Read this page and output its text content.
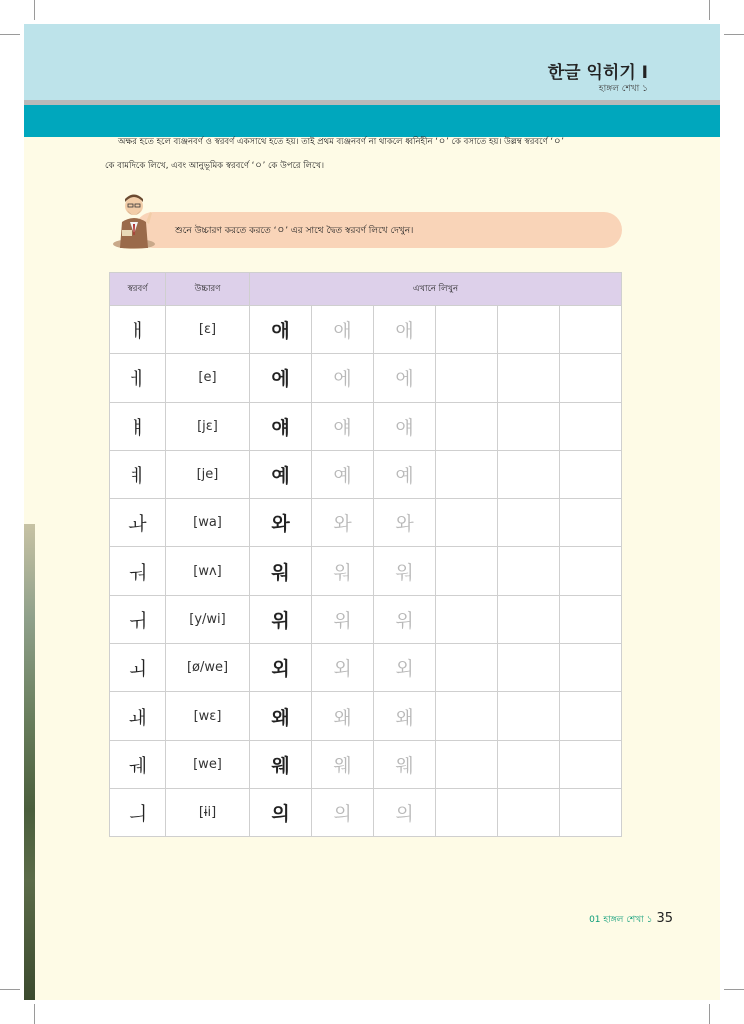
한글 익히기 I
হাঙ্গল শেখা ১
অক্ষর হতে হলে ব্যঞ্জনবর্ণ ও স্বরবর্ণ একসাথে হতে হয়। তাই প্রথম ব্যঞ্জনবর্ণ না থাকলে ধ্বনিহীন ‘ㅇ’ কে বসাতে হয়। উল্লম্ব স্বরবর্ণে ‘ㅇ’
কে বামদিকে লিখে, এবং আনুভূমিক স্বরবর্ণে ‘ㅇ’ কে উপরে লিখে।
শুনে উচ্চারণ করতে করতে ‘ㅇ’ এর সাথে দ্বৈত স্বরবর্ণ লিখে দেখুন।
স্বরবর্ণ	উচ্চারণ	এখানে লিখুন					
ㅐ	[ɛ]	애	애	애			
ㅔ	[e]	에	에	에			
ㅒ	[jɛ]	얘	얘	얘			
ㅖ	[je]	예	예	예			
ㅘ	[wa]	와	와	와			
ㅝ	[wʌ]	워	워	워			
ㅟ	[y/wi]	위	위	위			
ㅚ	[ø/we]	외	외	외			
ㅙ	[wɛ]	왜	왜	왜			
ㅞ	[we]	웨	웨	웨			
ㅢ	[ɨi]	의	의	의			
01 হাঙ্গল শেখা ১ 35
